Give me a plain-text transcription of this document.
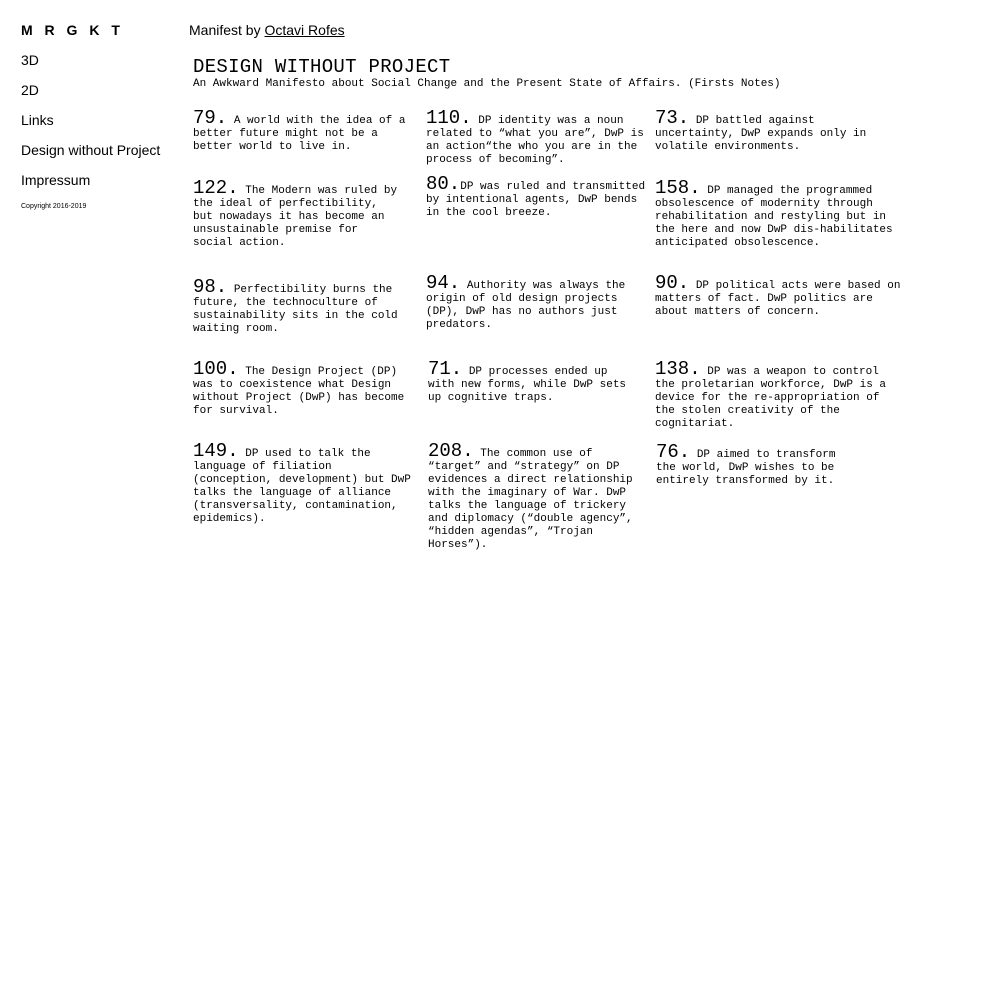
M R G K T
3D
2D
Links
Design without Project
Impressum
Copyright 2016-2019
Manifest by Octavi Rofes
DESIGN WITHOUT PROJECT

An Awkward Manifesto about Social Change and the Present State of Affairs. (Firsts Notes)

79. A world with the idea of a better future might not be a better world to live in.
110. DP identity was a noun related to “what you are”, DwP is an action“the who you are in the process of becoming”.
73. DP battled against uncertainty, DwP expands only in volatile environments.
122. The Modern was ruled by the ideal of perfectibility, but nowadays it has become an unsustainable premise for social action.
80.DP was ruled and transmitted by intentional agents, DwP bends in the cool breeze.
158. DP managed the programmed obsolescence of modernity through rehabilitation and restyling but in the here and now DwP dis-habilitates anticipated obsolescence.
98. Perfectibility burns the future, the technoculture of sustainability sits in the cold waiting room.
94. Authority was always the origin of old design projects (DP), DwP has no authors just predators.
90. DP political acts were based on matters of fact. DwP politics are about matters of concern.
100. The Design Project (DP) was to coexistence what Design without Project (DwP) has become for survival.
71. DP processes ended up with new forms, while DwP sets up cognitive traps.
138. DP was a weapon to control the proletarian workforce, DwP is a device for the re-appropriation of the stolen creativity of the cognitariat.
149. DP used to talk the language of filiation (conception, development) but DwP talks the language of alliance (transversality, contamination, epidemics).
208. The common use of “target” and “strategy” on DP evidences a direct relationship with the imaginary of War. DwP talks the language of trickery and diplomacy (“double agency”, “hidden agendas”, “Trojan Horses”).
76. DP aimed to transform the world, DwP wishes to be entirely transformed by it.
